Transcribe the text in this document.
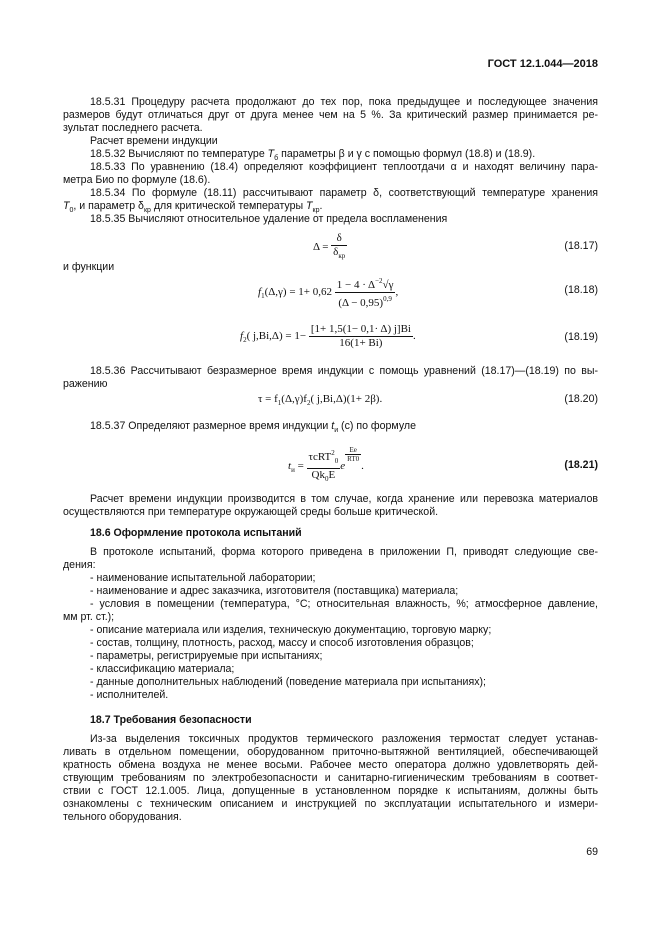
ГОСТ 12.1.044—2018
18.5.31 Процедуру расчета продолжают до тех пор, пока предыдущее и последующее значения
размеров будут отличаться друг от друга менее чем на 5 %. За критический размер принимается ре-
зультат последнего расчета.
Расчет времени индукции
18.5.32 Вычисляют по температуре $T_б$ параметры β и γ с помощью формул (18.8) и (18.9).
18.5.33 По уравнению (18.4) определяют коэффициент теплоотдачи α и находят величину пара-
метра Био по формуле (18.6).
18.5.34 По формуле (18.11) рассчитывают параметр δ, соответствующий температуре хранения
$T_0$, и параметр $\delta_{кр}$ для критической температуры $T_{кр}$.
18.5.35 Вычисляют относительное удаление от предела воспламенения
$\Delta = \frac{\delta}{\delta_{кр}}$	(18.17)
и функции
$f_1(\Delta,\gamma) = 1+ 0,62 \frac{1 - 4 \cdot \Delta^{-2}√\gamma}{(\Delta - 0,95)^{0,9}}$ ,	(18.18)
$f_2$( $j,Bi,\Delta) = 1- \frac{[1+ 1,5(1- 0,1\cdot \Delta) j]Bi}{16(1+ Bi)}$ .	(18.19)
18.5.36 Рассчитывают безразмерное время индукции с помощь уравнений (18.17)—(18.19) по вы-
ражению
$\tau = f_1(\Delta,\gamma)f_2$( j,Bi,Δ)(1+ 2β).	(18.20)
18.5.37 Определяют размерное время индукции $t_и$ (с) по формуле
$t_и = \frac{\tau cRT^2_0}{Qk_0E}$ e
$\frac{Ee}{RT0}$
.	(18.21)
Расчет времени индукции производится в том случае, когда хранение или перевозка материалов
осуществляются при температуре окружающей среды больше критической.
18.6 Оформление протокола испытаний
В протоколе испытаний, форма которого приведена в приложении П, приводят следующие све-
дения:
- наименование испытательной лаборатории;
- наименование и адрес заказчика, изготовителя (поставщика) материала;
- условия в помещении (температура, °С; относительная влажность, %; атмосферное давление,
мм рт. ст.);
- описание материала или изделия, техническую документацию, торговую марку;
- состав, толщину, плотность, расход, массу и способ изготовления образцов;
- параметры, регистрируемые при испытаниях;
- классификацию материала;
- данные дополнительных наблюдений (поведение материала при испытаниях);
- исполнителей.
18.7 Требования безопасности
Из-за выделения токсичных продуктов термического разложения термостат следует устанав-
ливать в отдельном помещении, оборудованном приточно-вытяжной вентиляцией, обеспечивающей
кратность обмена воздуха не менее восьми. Рабочее место оператора должно удовлетворять дей-
ствующим требованиям по электробезопасности и санитарно-гигиеническим требованиям в соответ-
ствии с ГОСТ 12.1.005. Лица, допущенные в установленном порядке к испытаниям, должны быть
ознакомлены с техническим описанием и инструкцией по эксплуатации испытательного и измери-
тельного оборудования.
69
